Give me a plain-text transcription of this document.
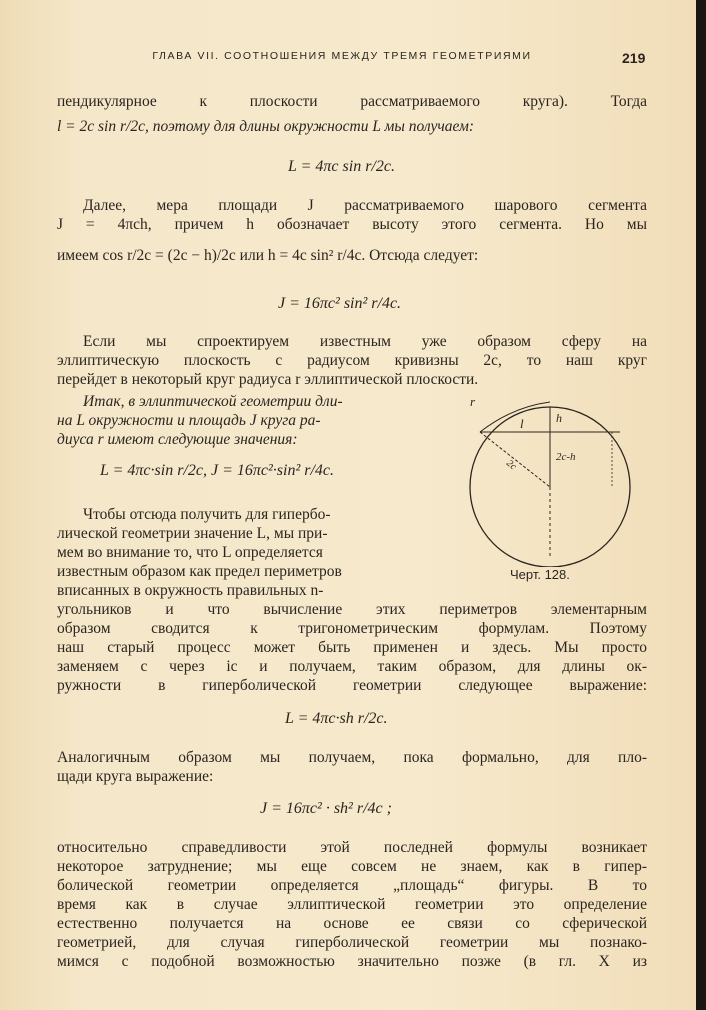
ГЛАВА VII. СООТНОШЕНИЯ МЕЖДУ ТРЕМЯ ГЕОМЕТРИЯМИ	219
пендикулярное к плоскости рассматриваемого круга). Тогда
l = 2c sin r/2c, поэтому для длины окружности L мы получаем:
L = 4πc sin r/2c.
Далее, мера площади J рассматриваемого шарового сегмента
J = 4πch, причем h обозначает высоту этого сегмента. Но мы
имеем cos r/2c = (2c − h)/2c или h = 4c sin² r/4c. Отсюда следует:
J = 16πc² sin² r/4c.
Если мы спроектируем известным уже образом сферу на
эллиптическую плоскость с радиусом кривизны 2c, то наш круг
перейдет в некоторый круг радиуса r эллиптической плоскости.
Итак, в эллиптической геометрии дли-
на L окружности и площадь J круга ра-
диуса r имеют следующие значения:
L = 4πc·sin r/2c, J = 16πc²·sin² r/4c.
Чтобы отсюда получить для гипербо-
лической геометрии значение L, мы при-
мем во внимание то, что L определяется
известным образом как предел периметров
вписанных в окружность правильных n-
угольников и что вычисление этих периметров элементарным
образом сводится к тригонометрическим формулам. Поэтому
наш старый процесс может быть применен и здесь. Мы просто
заменяем c через ic и получаем, таким образом, для длины ок-
ружности в гиперболической геометрии следующее выражение:
L = 4πc·sh r/2c.
Аналогичным образом мы получаем, пока формально, для пло-
щади круга выражение:
J = 16πc² · sh² r/4c ;
относительно справедливости этой последней формулы возникает
некоторое затруднение; мы еще совсем не знаем, как в гипер-
болической геометрии определяется „площадь“ фигуры. В то
время как в случае эллиптической геометрии это определение
естественно получается на основе ее связи со сферической
геометрией, для случая гиперболической геометрии мы познако-
мимся с подобной возможностью значительно позже (в гл. X из
r
l	h
2c-h
2c
Черт. 128.
